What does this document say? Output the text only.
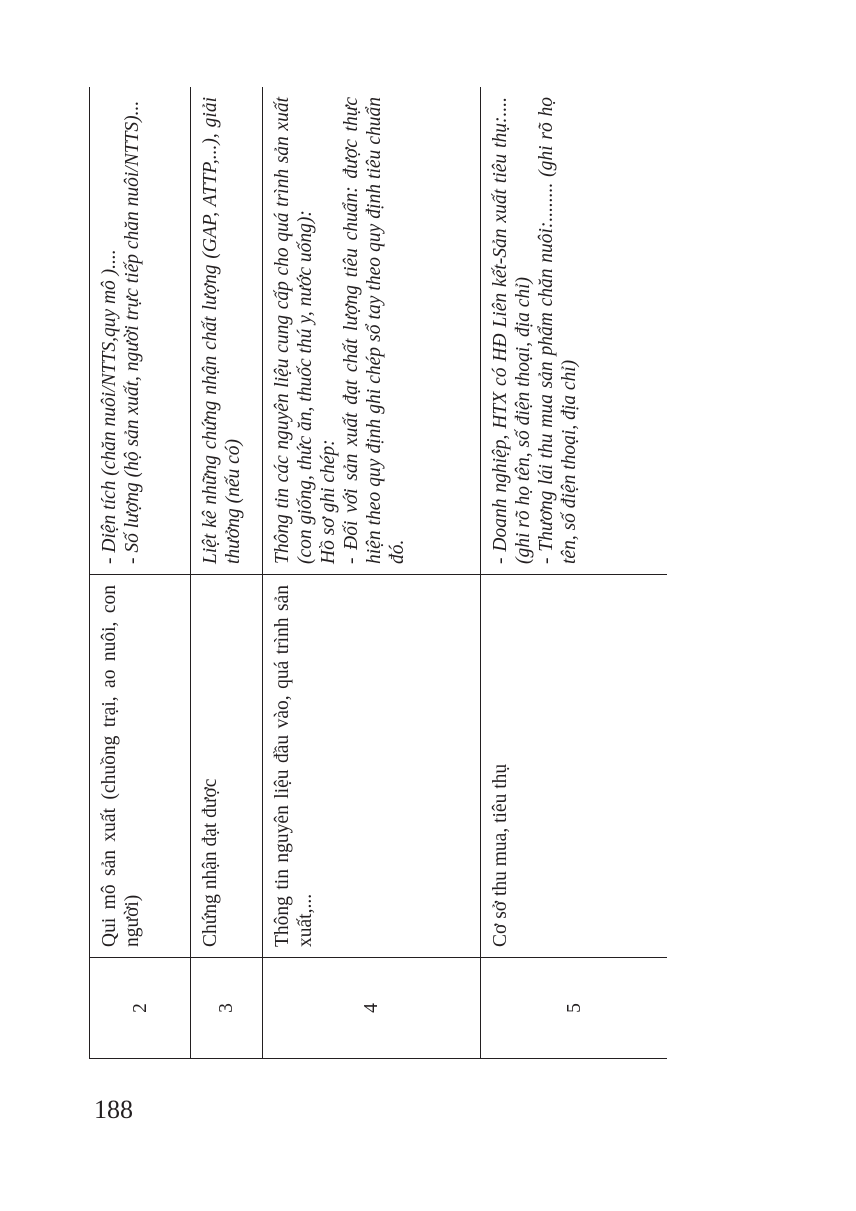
2	Qui mô sản xuất (chuồng trại, ao nuôi, con người)	- Diện tích (chăn nuôi/NTTS,quy mô ).... - Số lượng (hộ sản xuất, người trực tiếp chăn nuôi/NTTS)...

3	Chứng nhận đạt được	Liệt kê những chứng nhận chất lượng (GAP, ATTP,...), giải thưởng (nếu có)

4	Thông tin nguyên liệu đầu vào, quá trình sản xuất,...	Thông tin các nguyên liệu cung cấp cho quá trình sản xuất (con giống, thức ăn, thuốc thú y, nước uống): Hồ sơ ghi chép: - Đối với sản xuất đạt chất lượng tiêu chuẩn: được thực hiện theo quy định ghi chép sổ tay theo quy định tiêu chuẩn đó.

5	Cơ sở thu mua, tiêu thụ	- Doanh nghiệp, HTX có HĐ Liên kết-Sản xuất tiêu thụ:.... (ghi rõ họ tên, số điện thoại, địa chỉ) - Thương lái thu mua sản phẩm chăn nuôi:........ (ghi rõ họ tên, số điện thoại, địa chỉ)

188
